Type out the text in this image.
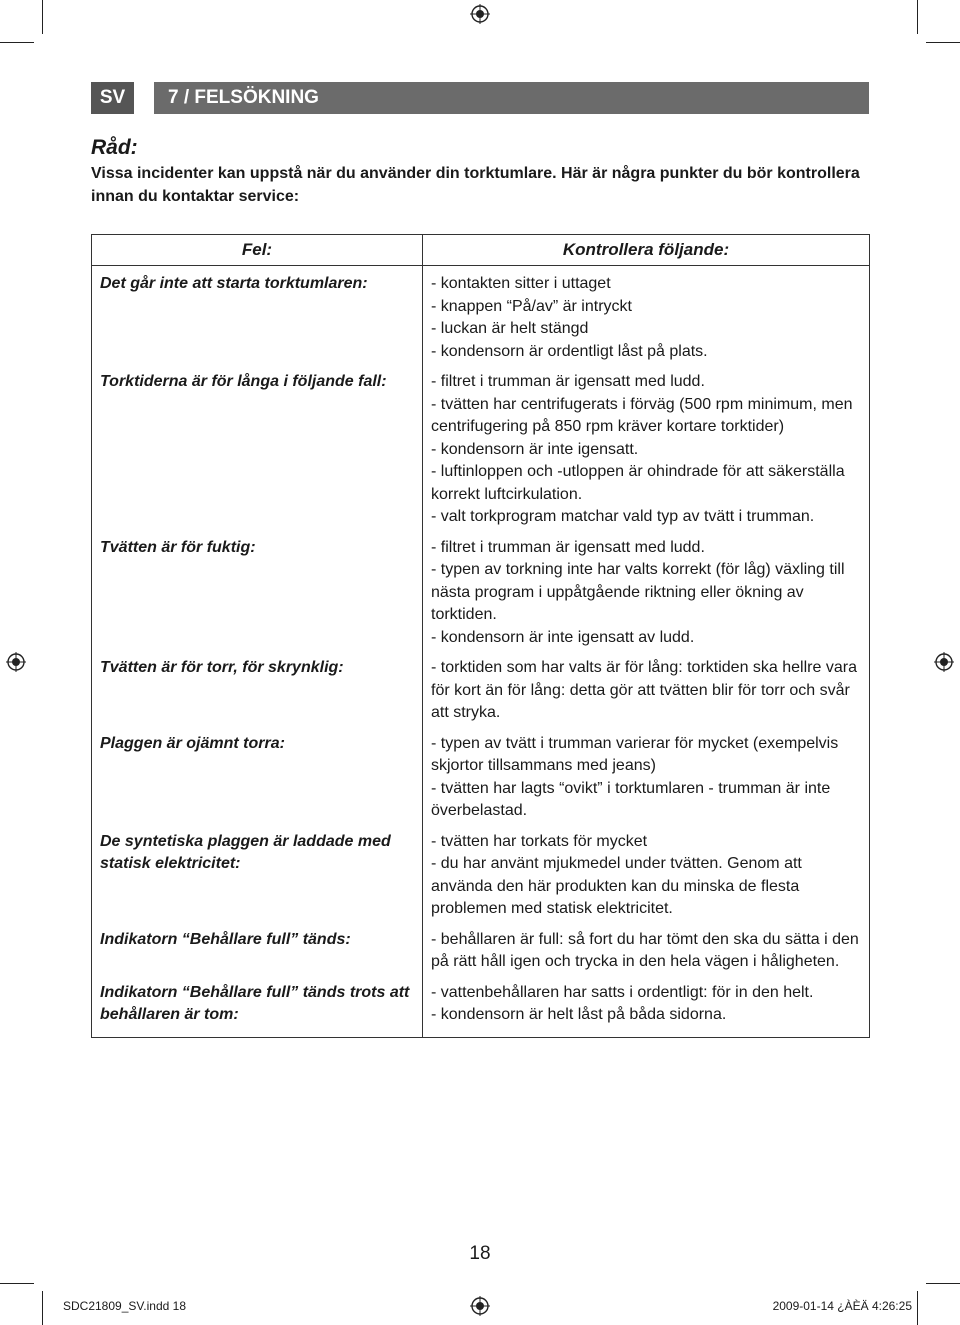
SV	7 / FELSÖKNING
Råd:
Vissa incidenter kan uppstå när du använder din torktumlare. Här är några punkter du bör kontrollera innan du kontaktar service:
Fel:	Kontrollera följande:
Det går inte att starta torktumlaren:	- kontakten sitter i uttaget
- knappen “På/av” är intryckt
- luckan är helt stängd
- kondensorn är ordentligt låst på plats.

Torktiderna är för långa i följande fall:	- filtret i trumman är igensatt med ludd.
- tvätten har centrifugerats i förväg (500 rpm minimum, men centrifugering på 850 rpm kräver kortare torktider)
- kondensorn är inte igensatt.
- luftinloppen och -utloppen är ohindrade för att säkerställa korrekt luftcirkulation.
- valt torkprogram matchar vald typ av tvätt i trumman.

Tvätten är för fuktig:	- filtret i trumman är igensatt med ludd.
- typen av torkning inte har valts korrekt (för låg) växling till nästa program i uppåtgående riktning eller ökning av torktiden.
- kondensorn är inte igensatt av ludd.

Tvätten är för torr, för skrynklig:	- torktiden som har valts är för lång: torktiden ska hellre vara för kort än för lång: detta gör att tvätten blir för torr och svår att stryka.

Plaggen är ojämnt torra:	- typen av tvätt i trumman varierar för mycket (exempelvis skjortor tillsammans med jeans)
- tvätten har lagts “ovikt” i torktumlaren - trumman är inte överbelastad.

De syntetiska plaggen är laddade med statisk elektricitet:	- tvätten har torkats för mycket
- du har använt mjukmedel under tvätten. Genom att använda den här produkten kan du minska de flesta problemen med statisk elektricitet.

Indikatorn “Behållare full” tänds:	- behållaren är full: så fort du har tömt den ska du sätta i den på rätt håll igen och trycka in den hela vägen i håligheten.

Indikatorn “Behållare full” tänds trots att behållaren är tom:	- vattenbehållaren har satts i ordentligt: för in den helt.
- kondensorn är helt låst på båda sidorna.
18
SDC21809_SV.indd 18	2009-01-14 ¿ÀÈÄ 4:26:25
